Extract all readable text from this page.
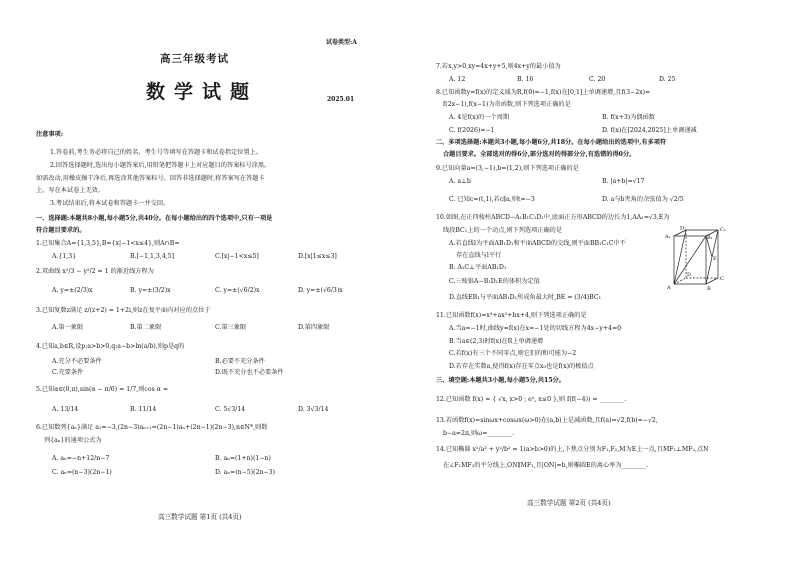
试卷类型:A
高三年级考试
数学试题	2025.01
注意事项:
1.答卷前,考生务必将自己的姓名、考生号等填写在答题卡和试卷指定位置上。
2.回答选择题时,选出每小题答案后,用铅笔把答题卡上对应题目的答案标号涂黑。
如需改动,用橡皮擦干净后,再选涂其他答案标号。回答非选择题时,将答案写在答题卡
上。写在本试卷上无效。
3.考试结束后,将本试卷和答题卡一并交回。
一、选择题:本题共8小题,每小题5分,共40分。在每小题给出的四个选项中,只有一项是
符合题目要求的。
1.已知集合A={1,3,5},B={x|−1<x≤4},则A∩B=
A.{1,3}	B.[−1,1,3,4,5]	C.[x|−1<x≤5]	D.[x|1≤x≤3]
2.双曲线 x²/3 − y²/2 = 1 的渐近线方程为
A. y=±(2/3)x	B. y=±(3/2)x	C. y=±(√6/2)x	D. y=±(√6/3)x
3.已知复数z满足 z/(z+2) = 1+2i,则z在复平面内对应的点位于
A.第一象限	B.第二象限	C.第三象限	D.第四象限
4.已知a,b∈R,设p:a>b>0,q:a−b>ln(a/b),则p是q的
A.充分不必要条件	B.必要不充分条件
C.充要条件	D.既不充分也不必要条件
5.已知α∈(0,π),sin(α − π/6) = 1/7,则cos α =
A. 13/14	B. 11/14	C. 5√3/14	D. 3√3/14
6.已知数列{aₙ}满足 a₁=−3,(2n−3)aₙ₊₁=(2n−1)aₙ+(2n−1)(2n−3),n∈N*,则数
列{aₙ}的通项公式为
A. aₙ=−n+12/n−7	B. aₙ=(1+n)(1−n)
C. aₙ=(n−3)(2n−1)	D. aₙ=(n−5)(2n−3)
高三数学试题 第1页 (共4页)
7.若x,y>0,xy=4x+y+5,则4x+y的最小值为
A. 12	B. 16	C. 20	D. 25
8.已知函数y=f(x)的定义域为R,f(0)=−1,f(x)在[0,1]上单调递增,且f(3−2x)=
f(2x−1),f(x−1)为奇函数,则下列选项正确的是
A. 4是f(x)的一个周期	B. f(x+3)为偶函数
C. f(2026)=−1	D. f(x)在[2024,2025]上单调递减
二、多项选择题:本题共3小题,每小题6分,共18分。在每小题给出的选项中,有多项符
合题目要求。全部选对的得6分,部分选对的得部分分,有选错的得0分。
9.已知向量a=(3,−1),b=(1,2),则下列选项正确的是
A. a⊥b	B. |a+b|=√17
C. 已知c=(t,1),若c∥a,则t=−3	D. a与b夹角的余弦值为 √2/5
10.如图,在正四棱柱ABCD−A₁B₁C₁D₁中,底面正方形ABCD的边长为1,AA₁=√3,E为
线段BC₁上的一个动点,则下列选项正确的是
A.若直线l为平面AB₁D₁和平面ABCD的交线,则平面BB₁C₁C中不
存在直线与l平行
B. A₁C⊥平面AB₁D₁
C.三棱锥A−B₁D₁E的体积为定值
D.直线EB₁与平面AB₁D₁所成角最大时,BE = (3/4)BC₁
D₁	C₁
A₁	B₁
D
C
A	B
E
11.已知函数f(x)=x³+ax²+bx+4,则下列选项正确的是
A.当a=−1时,曲线y=f(x)在x=−1处的切线方程为4x−y+4=0
B.当a∈(2,3)时f(x)在R上单调递增
C.若f(x)有三个不同零点,则它们的和可能为−2
D.若存在实数a,使得f(x)存在零点x₀也是f(x)的极值点
三、填空题:本题共3小题,每小题5分,共15分。
12.已知函数 f(x) = { √x, x>0 ; eˣ, x≤0 },则 f(f(−4)) = ________.
13.若函数f(x)=sinωx+cosωx(ω>0)在(a,b)上是减函数,且f(a)=√2,f(b)=−√2,
b−a=2π,则ω=________.
14.已知椭圆 x²/a² + y²/b² = 1(a>b>0)的上,下焦点分别为F₁,F₂,M为E上一点,且MF₁⊥MF₂,点N
在∠F₁MF₂的平分线上,ON∥MF₁,且|ON|=b,则椭圆E的离心率为________.
高三数学试题 第2页 (共4页)
